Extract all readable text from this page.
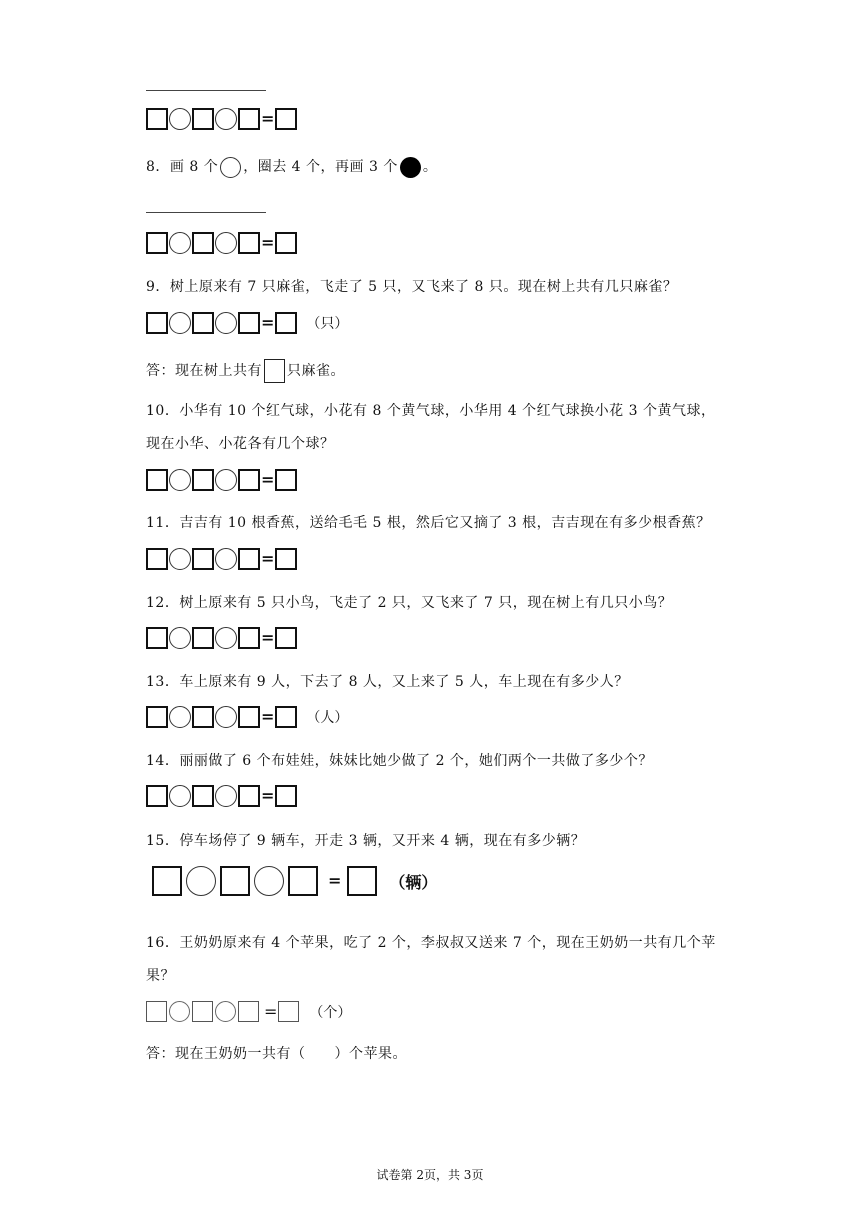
=
8．画 8 个 ，圈去 4 个，再画 3 个 。
=
9．树上原来有 7 只麻雀，飞走了 5 只，又飞来了 8 只。现在树上共有几只麻雀？
= （只）
答：现在树上共有 只麻雀。
10．小华有 10 个红气球，小花有 8 个黄气球，小华用 4 个红气球换小花 3 个黄气球，
现在小华、小花各有几个球？
=
11．吉吉有 10 根香蕉，送给毛毛 5 根，然后它又摘了 3 根，吉吉现在有多少根香蕉？
=
12．树上原来有 5 只小鸟，飞走了 2 只，又飞来了 7 只，现在树上有几只小鸟？
=
13．车上原来有 9 人，下去了 8 人，又上来了 5 人，车上现在有多少人？
= （人）
14．丽丽做了 6 个布娃娃，妹妹比她少做了 2 个，她们两个一共做了多少个？
=
15．停车场停了 9 辆车，开走 3 辆，又开来 4 辆，现在有多少辆？
=	（辆）
16．王奶奶原来有 4 个苹果，吃了 2 个，李叔叔又送来 7 个，现在王奶奶一共有几个苹
果？
= （个）
答：现在王奶奶一共有（　　）个苹果。
试卷第 2页，共 3页
